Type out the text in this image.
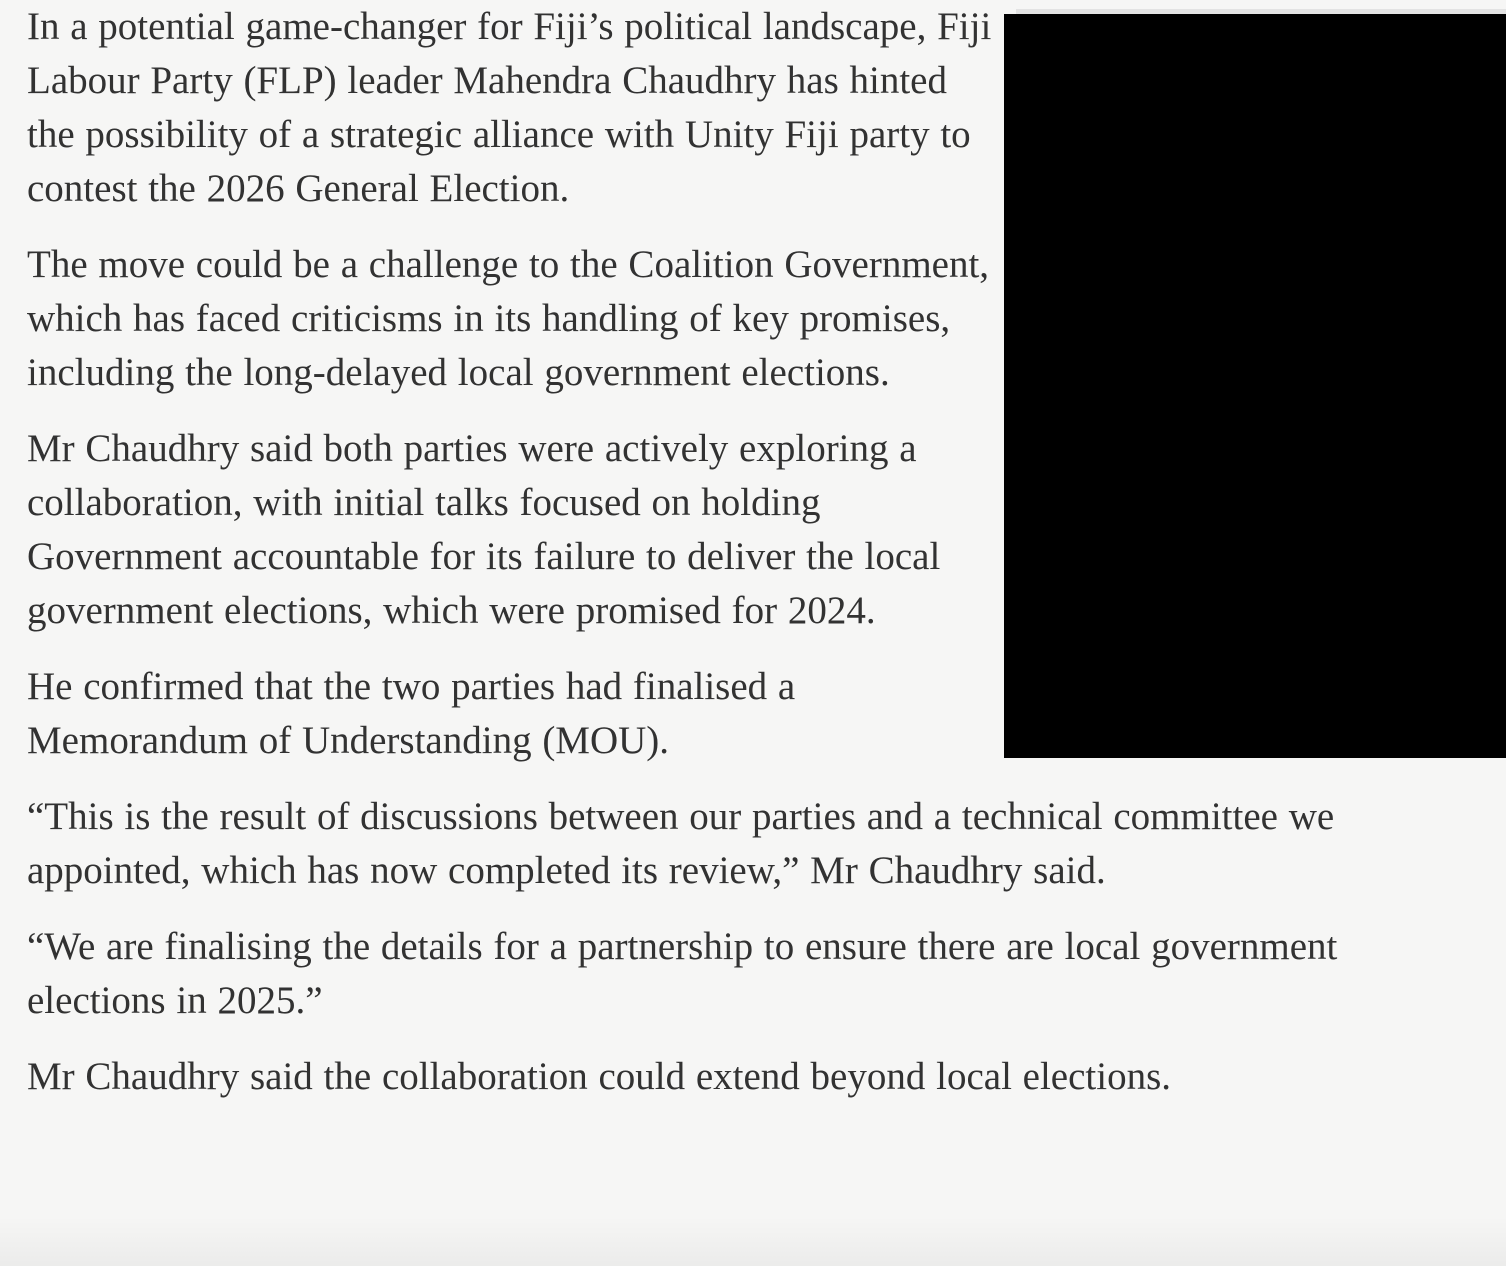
In a potential game-changer for Fiji’s political landscape, Fiji Labour Party (FLP) leader Mahendra Chaudhry has hinted the possibility of a strategic alliance with Unity Fiji party to contest the 2026 General Election.

The move could be a challenge to the Coalition Government, which has faced criticisms in its handling of key promises, including the long-delayed local government elections.

Mr Chaudhry said both parties were actively exploring a collaboration, with initial talks focused on holding Government accountable for its failure to deliver the local government elections, which were promised for 2024.

He confirmed that the two parties had finalised a Memorandum of Understanding (MOU).

“This is the result of discussions between our parties and a technical committee we appointed, which has now completed its review,” Mr Chaudhry said.

“We are finalising the details for a partnership to ensure there are local government elections in 2025.”

Mr Chaudhry said the collaboration could extend beyond local elections.
